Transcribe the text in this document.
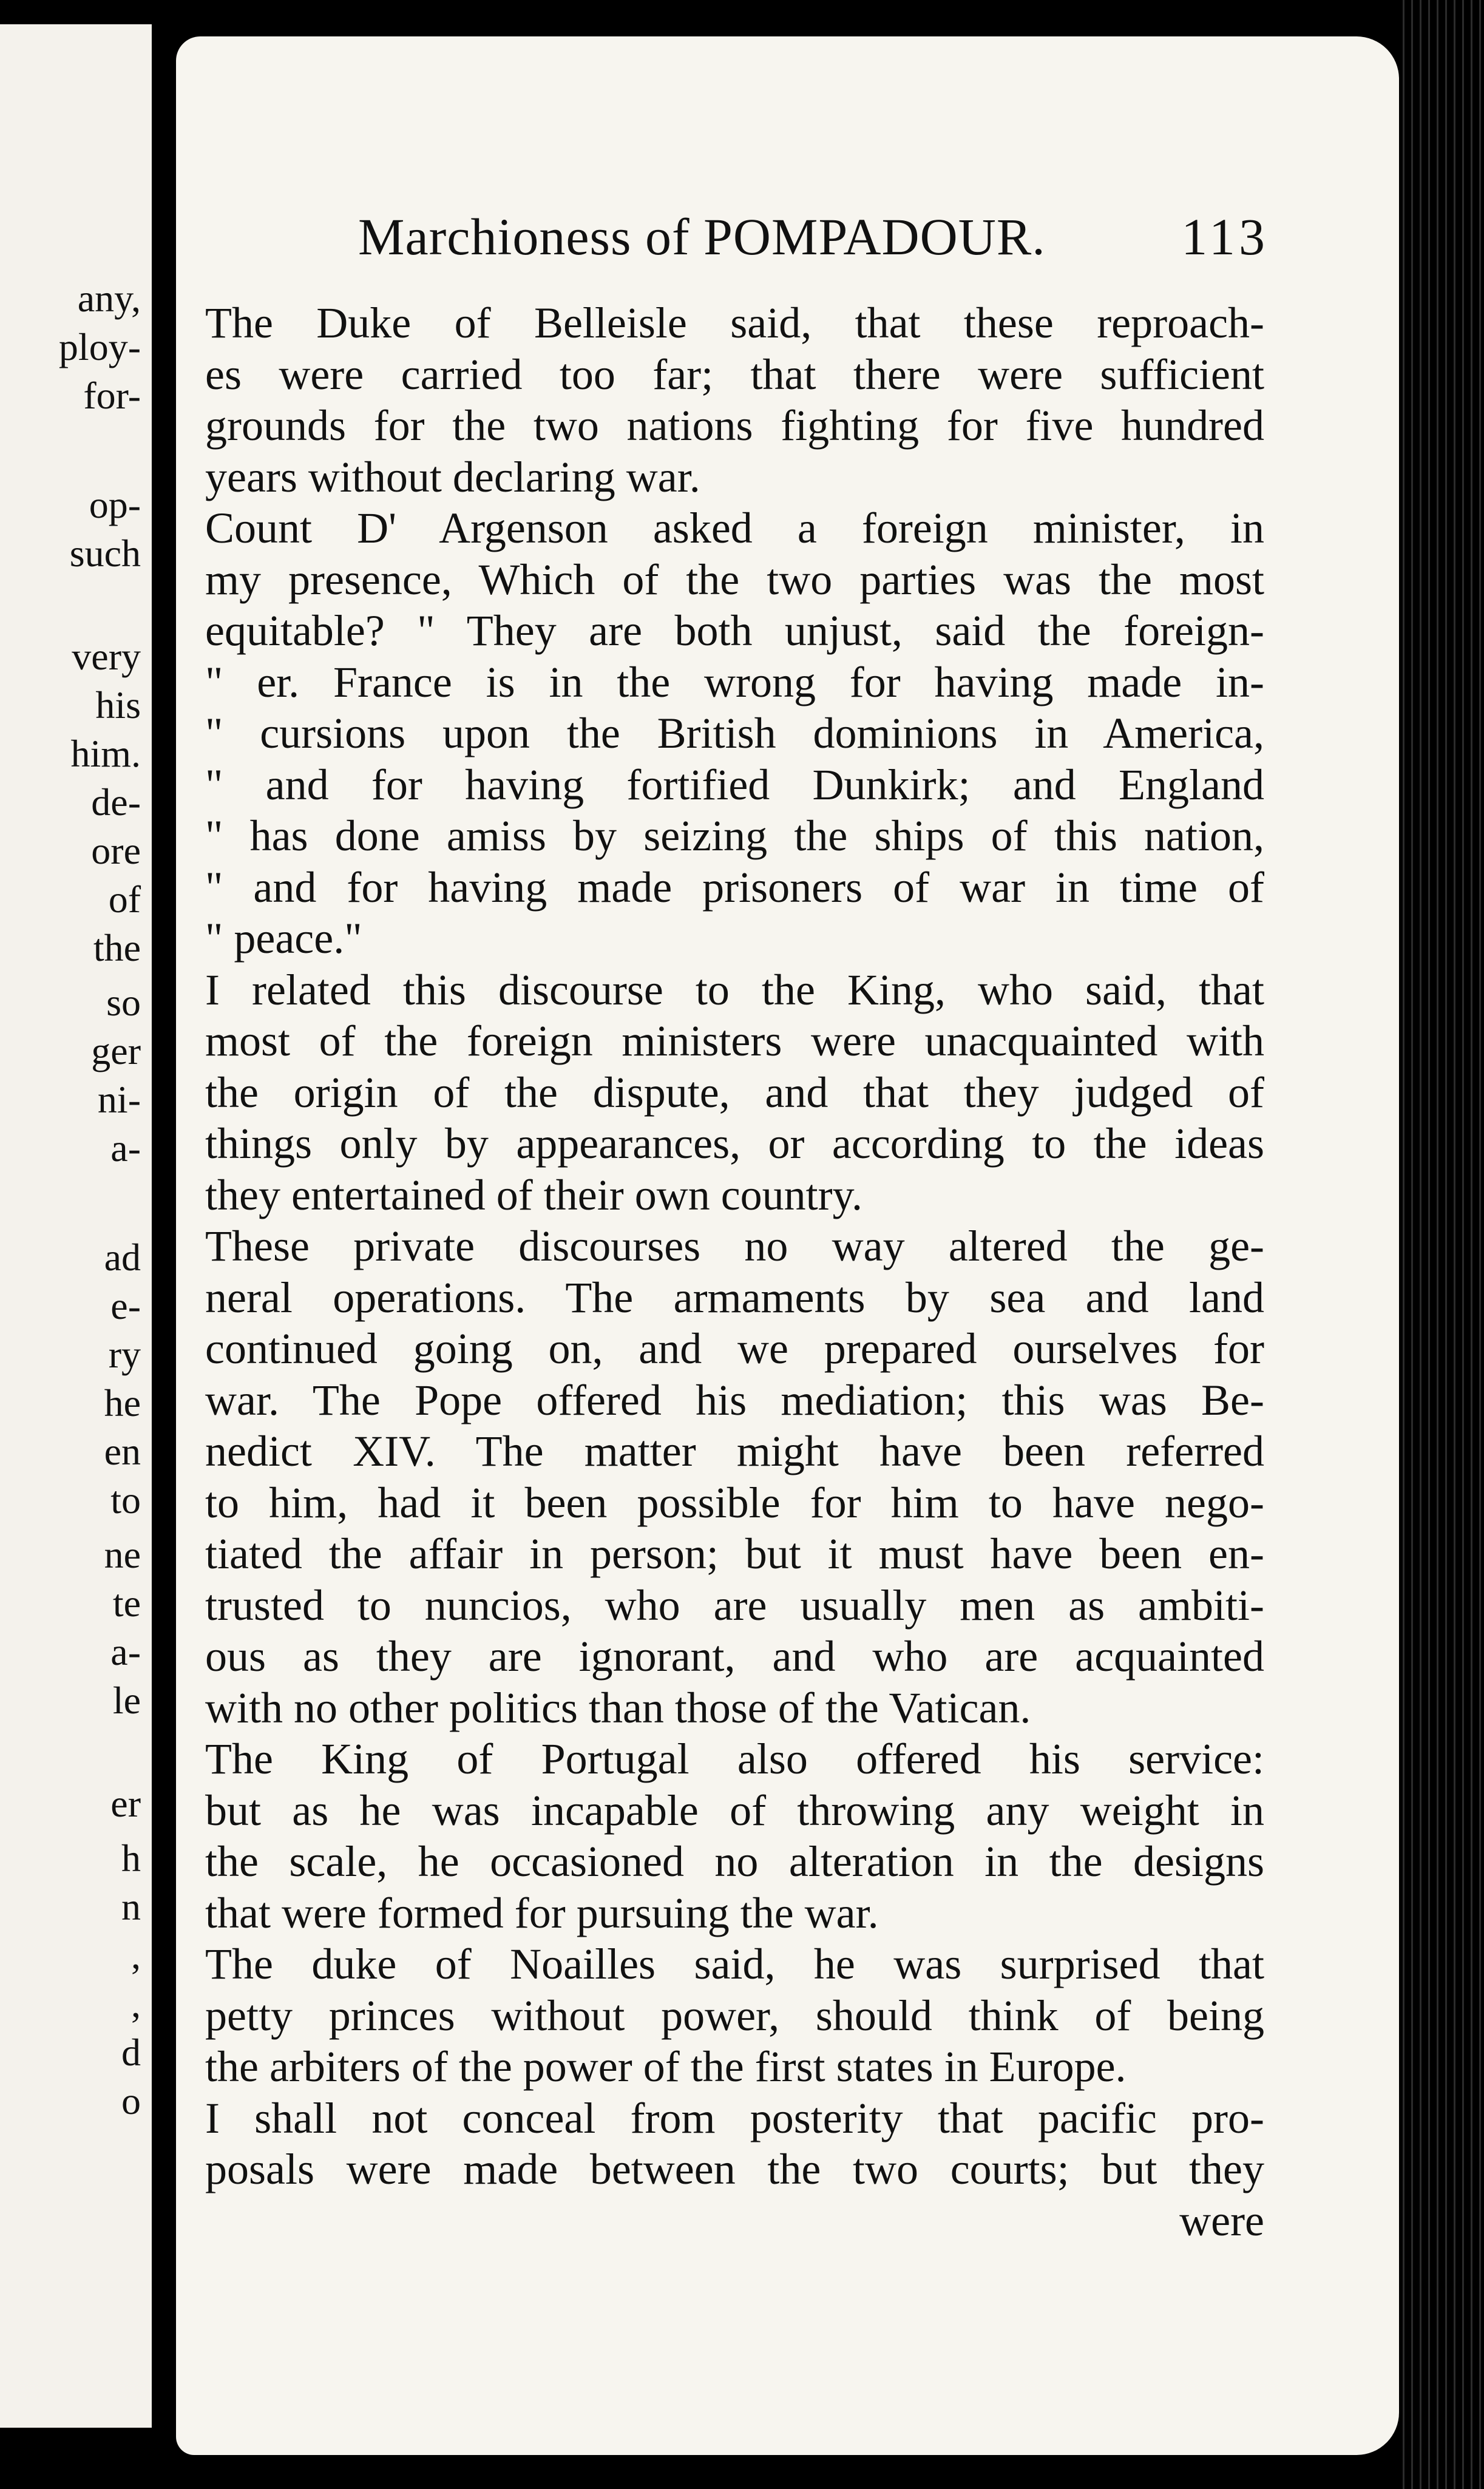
any,
ploy-
for-
op-
such
very
his
him.
de-
ore
of
the
so
ger
ni-
a-
ad
e-
ry
he
en
to
ne
te
a-
le
er
h
n
,
,
d
o
Marchioness of POMPADOUR.	113
The Duke of Belleisle said, that these reproach-
es were carried too far; that there were sufficient
grounds for the two nations fighting for five hundred
years without declaring war.
Count D' Argenson asked a foreign minister, in
my presence, Which of the two parties was the most
equitable? " They are both unjust, said the foreign-
" er. France is in the wrong for having made in-
" cursions upon the British dominions in America,
" and for having fortified Dunkirk; and England
" has done amiss by seizing the ships of this nation,
" and for having made prisoners of war in time of
" peace."
I related this discourse to the King, who said, that
most of the foreign ministers were unacquainted with
the origin of the dispute, and that they judged of
things only by appearances, or according to the ideas
they entertained of their own country.
These private discourses no way altered the ge-
neral operations. The armaments by sea and land
continued going on, and we prepared ourselves for
war. The Pope offered his mediation; this was Be-
nedict XIV. The matter might have been referred
to him, had it been possible for him to have nego-
tiated the affair in person; but it must have been en-
trusted to nuncios, who are usually men as ambiti-
ous as they are ignorant, and who are acquainted
with no other politics than those of the Vatican.
The King of Portugal also offered his service:
but as he was incapable of throwing any weight in
the scale, he occasioned no alteration in the designs
that were formed for pursuing the war.
The duke of Noailles said, he was surprised that
petty princes without power, should think of being
the arbiters of the power of the first states in Europe.
I shall not conceal from posterity that pacific pro-
posals were made between the two courts; but they
were
